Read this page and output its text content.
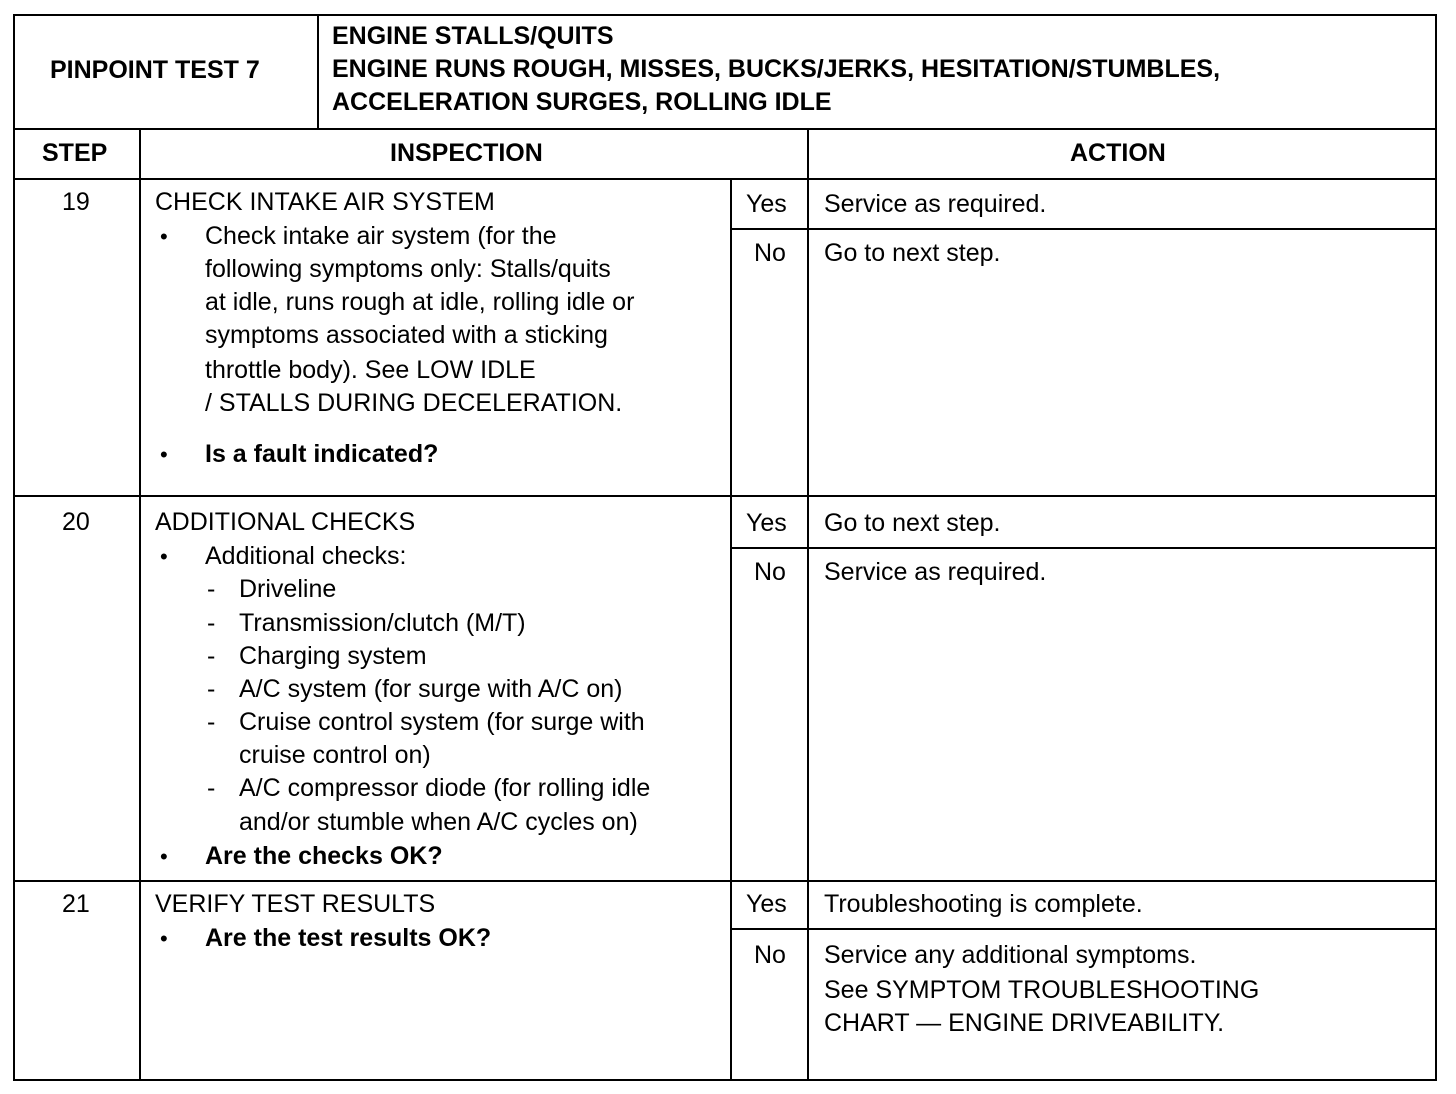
PINPOINT TEST 7
ENGINE STALLS/QUITS
ENGINE RUNS ROUGH, MISSES, BUCKS/JERKS, HESITATION/STUMBLES,
ACCELERATION SURGES, ROLLING IDLE
STEP	INSPECTION	ACTION
19	CHECK INTAKE AIR SYSTEM
• Check intake air system (for the
following symptoms only: Stalls/quits
at idle, runs rough at idle, rolling idle or
symptoms associated with a sticking
throttle body). See LOW IDLE
/ STALLS DURING DECELERATION.
• Is a fault indicated?
Yes Service as required.
No Go to next step.
20	ADDITIONAL CHECKS
• Additional checks:
- Driveline
- Transmission/clutch (M/T)
- Charging system
- A/C system (for surge with A/C on)
- Cruise control system (for surge with
cruise control on)
- A/C compressor diode (for rolling idle
and/or stumble when A/C cycles on)
• Are the checks OK?
Yes Go to next step.
No Service as required.
21	VERIFY TEST RESULTS
• Are the test results OK?
Yes Troubleshooting is complete.
No Service any additional symptoms.
See SYMPTOM TROUBLESHOOTING
CHART — ENGINE DRIVEABILITY.
